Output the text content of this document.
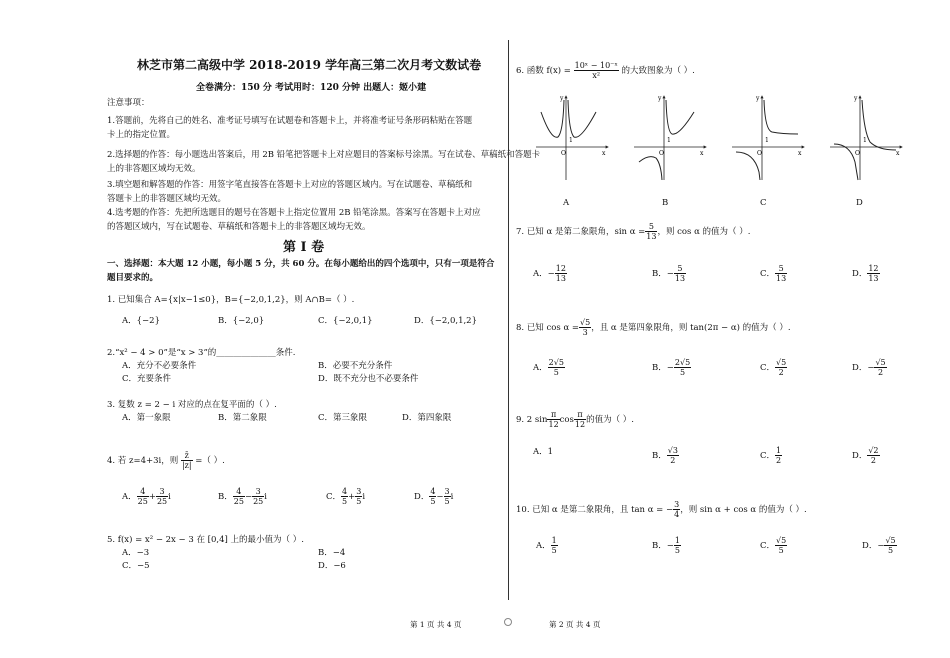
林芝市第二高级中学 2018-2019 学年高三第二次月考文数试卷
全卷满分：150 分 考试用时：120 分钟 出题人：姬小建
注意事项：
1.答题前，先将自己的姓名、准考证号填写在试题卷和答题卡上，并将准考证号条形码粘贴在答题
卡上的指定位置。
2.选择题的作答：每小题选出答案后，用 2B 铅笔把答题卡上对应题目的答案标号涂黑。写在试卷、草稿纸和答题卡
上的非答题区域均无效。
3.填空题和解答题的作答：用签字笔直接答在答题卡上对应的答题区域内。写在试题卷、草稿纸和
答题卡上的非答题区域均无效。
4.选考题的作答：先把所选题目的题号在答题卡上指定位置用 2B 铅笔涂黑。答案写在答题卡上对应
的答题区域内，写在试题卷、草稿纸和答题卡上的非答题区域均无效。
第 I 卷
一、选择题：本大题 12 小题，每小题 5 分，共 60 分。在每小题给出的四个选项中，只有一项是符合
题目要求的。
1. 已知集合 A={x|x−1≤0}，B={−2,0,1,2}，则 A∩B=（ ）.
A．{−2}	B．{−2,0}	C．{−2,0,1}	D．{−2,0,1,2}
2.“x² − 4 > 0”是“x > 3”的______________条件.
A．充分不必要条件	B．必要不充分条件
C．充要条件	D．既不充分也不必要条件
3. 复数 z = 2 − i 对应的点在复平面的（ ）.
A．第一象限	B．第二象限	C．第三象限	D．第四象限
4. 若 z=4+3i，则 $\frac{z̄}{|z|}$ =（ ）.
A． $\frac{4}{25} + \frac{3}{25}$ i	B． $\frac{4}{25} - \frac{3}{25}$ i	C． $\frac{4}{5} + \frac{3}{5}$ i	D． $\frac{4}{5} - \frac{3}{5}$ i
5. f(x) = x² − 2x − 3 在 [0,4] 上的最小值为（ ）.
A．−3	B．−4
C．−5	D．−6
6. 函数 $f(x) = \frac{\text{10ˣ − 10⁻ˣ}}{\text{x²}}$ 的大致图象为（ ）.
O
1
x
y
O
1
x
y
O
1
x
y
O
1
x
y
A	B	C	D
7. 已知 α 是第二象限角，$\sin \alpha = \frac{5}{13}$ ，则 cos α 的值为（ ）.
A．− $\frac{12}{13}$	B．− $\frac{5}{13}$	C． $\frac{5}{13}$	D． $\frac{12}{13}$
8. 已知 $\cos \alpha = \frac{√5}{3}$ ，且 α 是第四象限角，则 tan(2π − α) 的值为（ ）.
A． $\frac{2√5}{5}$	B．− $\frac{2√5}{5}$	C． $\frac{√5}{2}$	D．− $\frac{√5}{2}$
9. 2 $\sin \frac{\pi}{12}$ $\cos \frac{\pi}{12}$ 的值为（ ）.
A．1	B． $\frac{√3}{2}$	C． $\frac{1}{2}$	D． $\frac{√2}{2}$
10. 已知 α 是第二象限角，且 tan α = − $\frac{3}{4}$ ，则 sin α + cos α 的值为（ ）.
A． $\frac{1}{5}$	B．− $\frac{1}{5}$	C． $\frac{√5}{5}$	D．− $\frac{√5}{5}$
第 1 页 共 4 页	第 2 页 共 4 页
